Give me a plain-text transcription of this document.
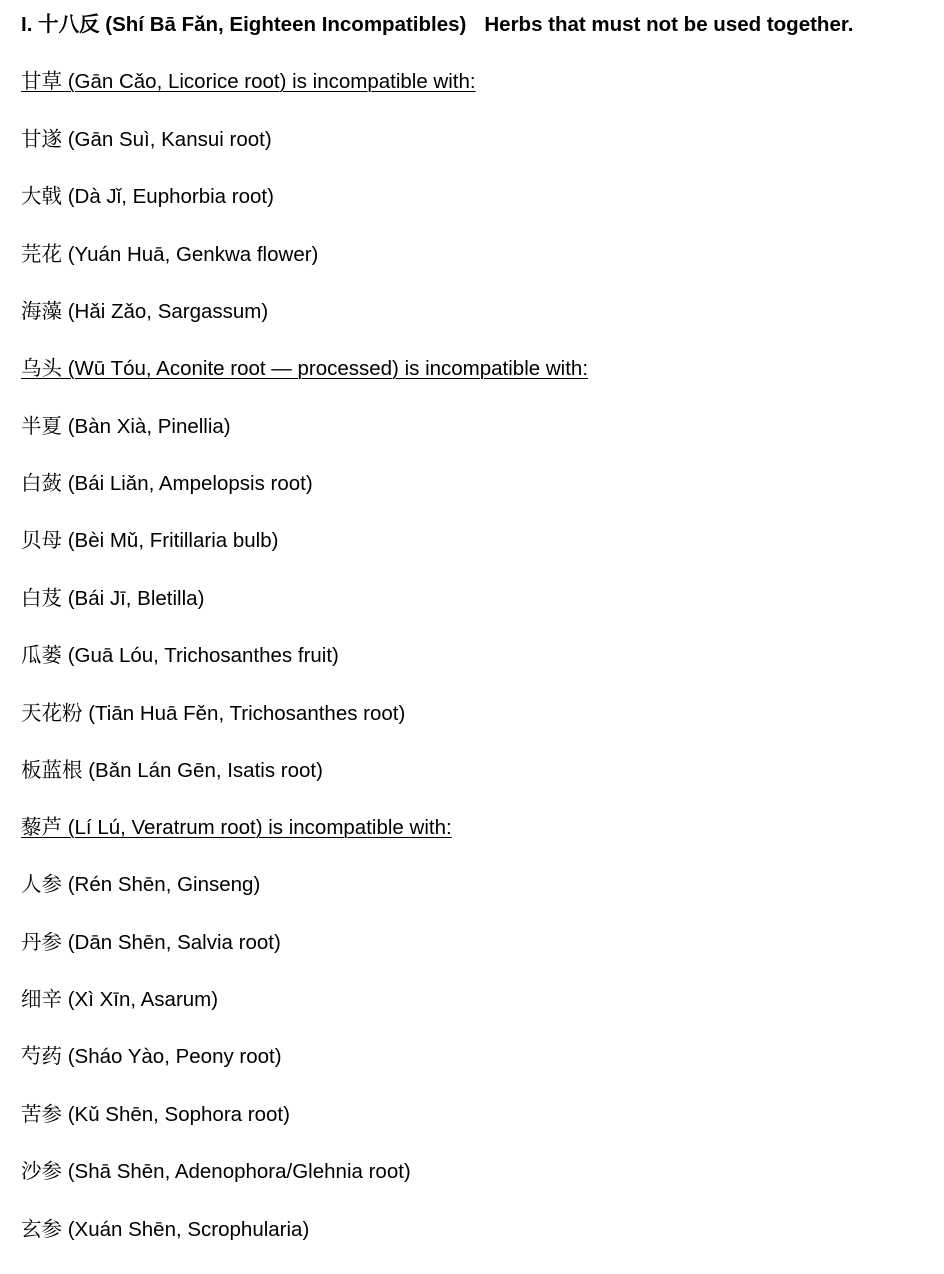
I. 十八反 (Shí Bā Fǎn, Eighteen Incompatibles) Herbs that must not be used together.
甘草 (Gān Cǎo, Licorice root) is incompatible with:
甘遂 (Gān Suì, Kansui root)
大戟 (Dà Jǐ, Euphorbia root)
芫花 (Yuán Huā, Genkwa flower)
海藻 (Hǎi Zǎo, Sargassum)
乌头 (Wū Tóu, Aconite root — processed) is incompatible with:
半夏 (Bàn Xià, Pinellia)
白蔹 (Bái Liǎn, Ampelopsis root)
贝母 (Bèi Mǔ, Fritillaria bulb)
白芨 (Bái Jī, Bletilla)
瓜蒌 (Guā Lóu, Trichosanthes fruit)
天花粉 (Tiān Huā Fěn, Trichosanthes root)
板蓝根 (Bǎn Lán Gēn, Isatis root)
藜芦 (Lí Lú, Veratrum root) is incompatible with:
人参 (Rén Shēn, Ginseng)
丹参 (Dān Shēn, Salvia root)
细辛 (Xì Xīn, Asarum)
芍药 (Sháo Yào, Peony root)
苦参 (Kǔ Shēn, Sophora root)
沙参 (Shā Shēn, Adenophora/Glehnia root)
玄参 (Xuán Shēn, Scrophularia)
